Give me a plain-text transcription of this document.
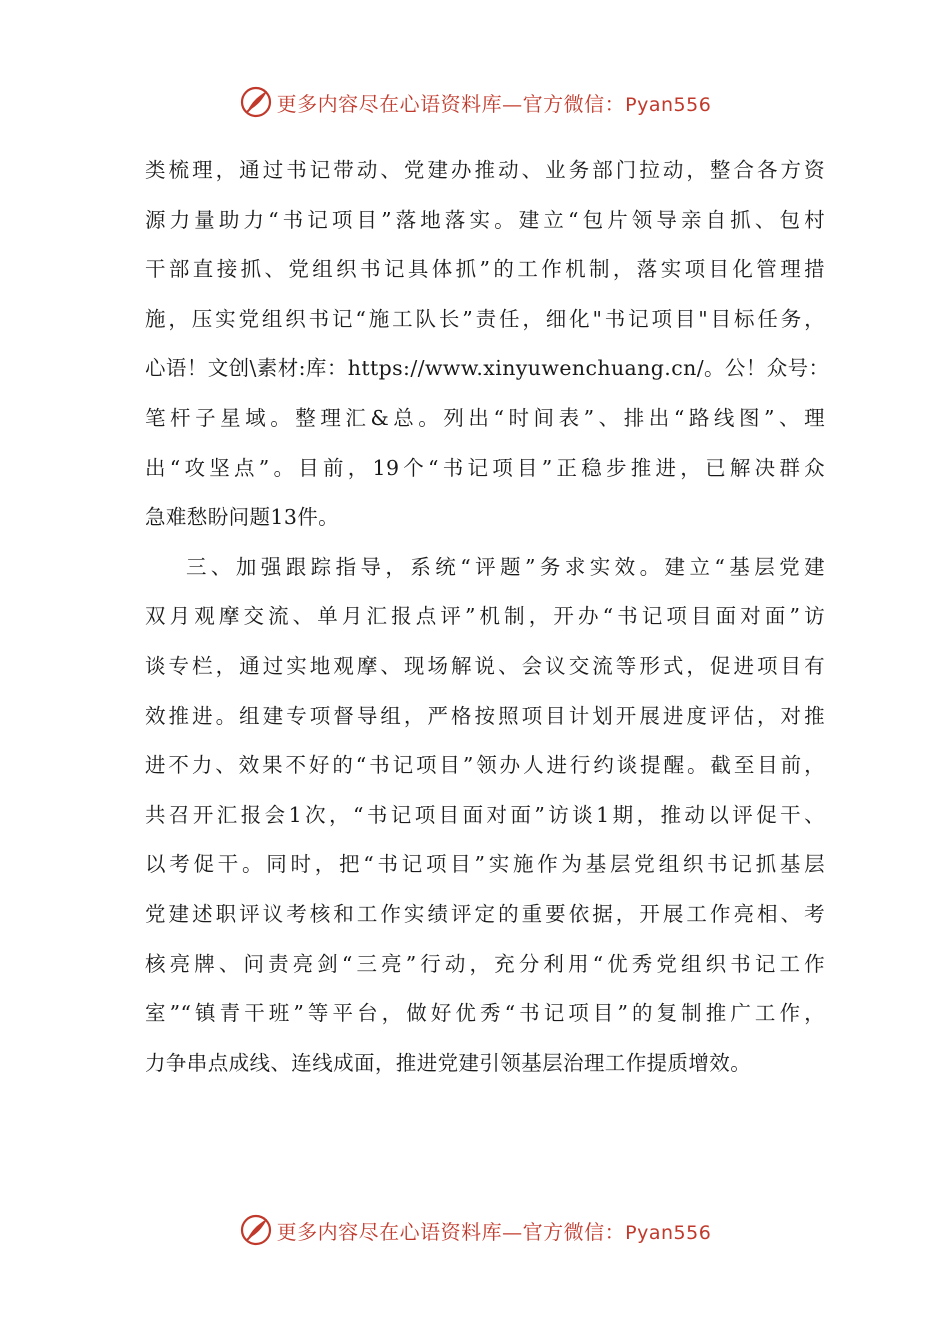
更多内容尽在心语资料库—官方微信：Pyan556
类梳理，通过书记带动、党建办推动、业务部门拉动，整合各方资
源力量助力“书记项目”落地落实。建立“包片领导亲自抓、包村
干部直接抓、党组织书记具体抓”的工作机制，落实项目化管理措
施，压实党组织书记“施工队长”责任，细化"书记项目"目标任务，
心语！文创\素材:库：https://www.xinyuwenchuang.cn/。公！众号：
笔杆子星域。整理汇&总。列出“时间表”、排出“路线图”、理
出“攻坚点”。目前，19个“书记项目”正稳步推进，已解决群众
急难愁盼问题13件。
三、加强跟踪指导，系统“评题”务求实效。建立“基层党建
双月观摩交流、单月汇报点评”机制，开办“书记项目面对面”访
谈专栏，通过实地观摩、现场解说、会议交流等形式，促进项目有
效推进。组建专项督导组，严格按照项目计划开展进度评估，对推
进不力、效果不好的“书记项目”领办人进行约谈提醒。截至目前，
共召开汇报会1次，“书记项目面对面”访谈1期，推动以评促干、
以考促干。同时，把“书记项目”实施作为基层党组织书记抓基层
党建述职评议考核和工作实绩评定的重要依据，开展工作亮相、考
核亮牌、问责亮剑“三亮”行动，充分利用“优秀党组织书记工作
室”“镇青干班”等平台，做好优秀“书记项目”的复制推广工作，
力争串点成线、连线成面，推进党建引领基层治理工作提质增效。
更多内容尽在心语资料库—官方微信：Pyan556
